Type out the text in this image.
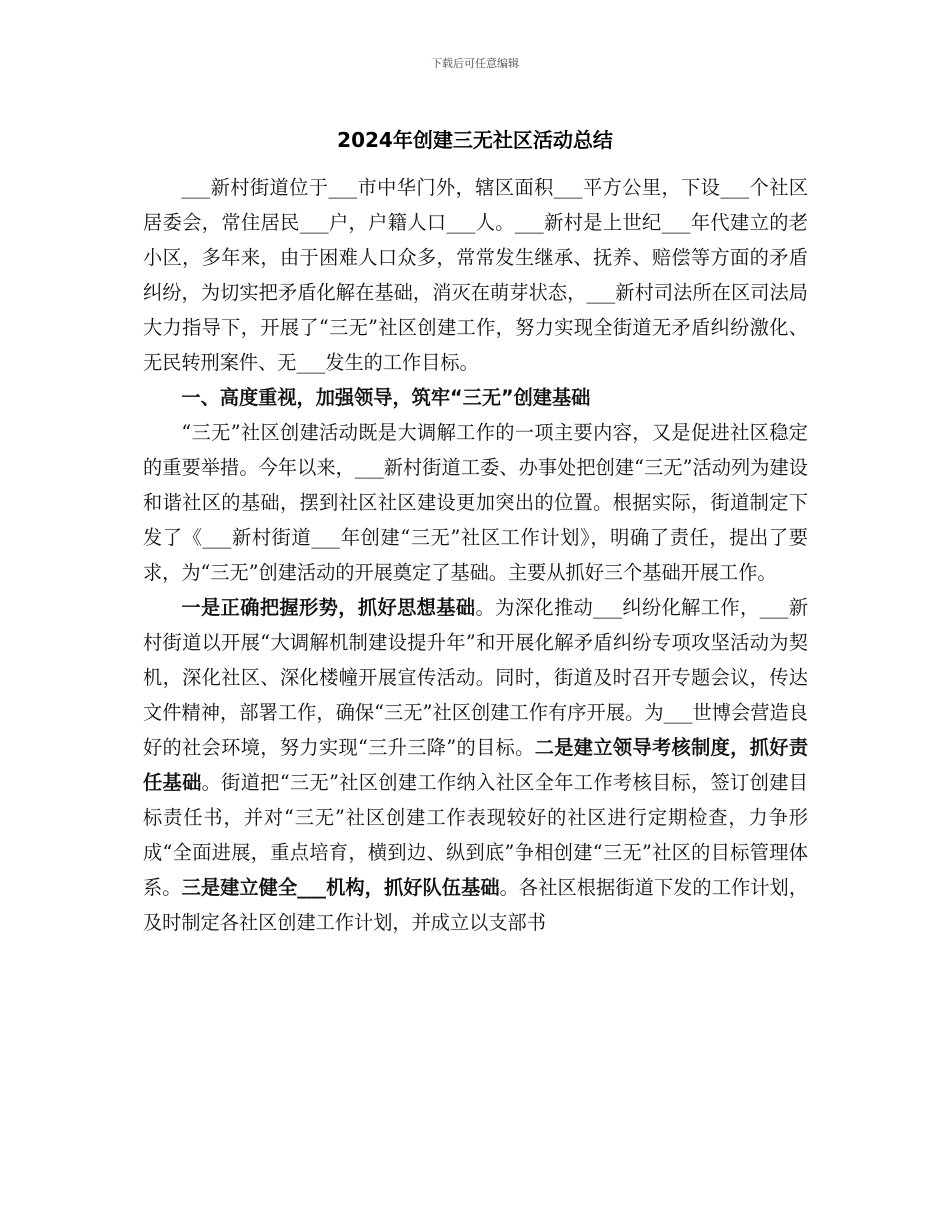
下载后可任意编辑
2024年创建三无社区活动总结

___新村街道位于___市中华门外，辖区面积___平方公里，下设___个社区居委会，常住居民___户，户籍人口___人。___新村是上世纪___年代建立的老小区，多年来，由于困难人口众多，常常发生继承、抚养、赔偿等方面的矛盾纠纷，为切实把矛盾化解在基础，消灭在萌芽状态，___新村司法所在区司法局大力指导下，开展了“三无”社区创建工作，努力实现全街道无矛盾纠纷激化、无民转刑案件、无___发生的工作目标。

一、高度重视，加强领导，筑牢“三无”创建基础

“三无”社区创建活动既是大调解工作的一项主要内容，又是促进社区稳定的重要举措。今年以来，___新村街道工委、办事处把创建“三无”活动列为建设和谐社区的基础，摆到社区社区建设更加突出的位置。根据实际，街道制定下发了《___新村街道___年创建“三无”社区工作计划》，明确了责任，提出了要求，为“三无”创建活动的开展奠定了基础。主要从抓好三个基础开展工作。

一是正确把握形势，抓好思想基础。为深化推动___纠纷化解工作，___新村街道以开展“大调解机制建设提升年”和开展化解矛盾纠纷专项攻坚活动为契机，深化社区、深化楼幢开展宣传活动。同时，街道及时召开专题会议，传达文件精神，部署工作，确保“三无”社区创建工作有序开展。为___世博会营造良好的社会环境，努力实现“三升三降”的目标。二是建立领导考核制度，抓好责任基础。街道把“三无”社区创建工作纳入社区全年工作考核目标，签订创建目标责任书，并对“三无”社区创建工作表现较好的社区进行定期检查，力争形成“全面进展，重点培育，横到边、纵到底”争相创建“三无”社区的目标管理体系。三是建立健全___机构，抓好队伍基础。各社区根据街道下发的工作计划，及时制定各社区创建工作计划，并成立以支部书
